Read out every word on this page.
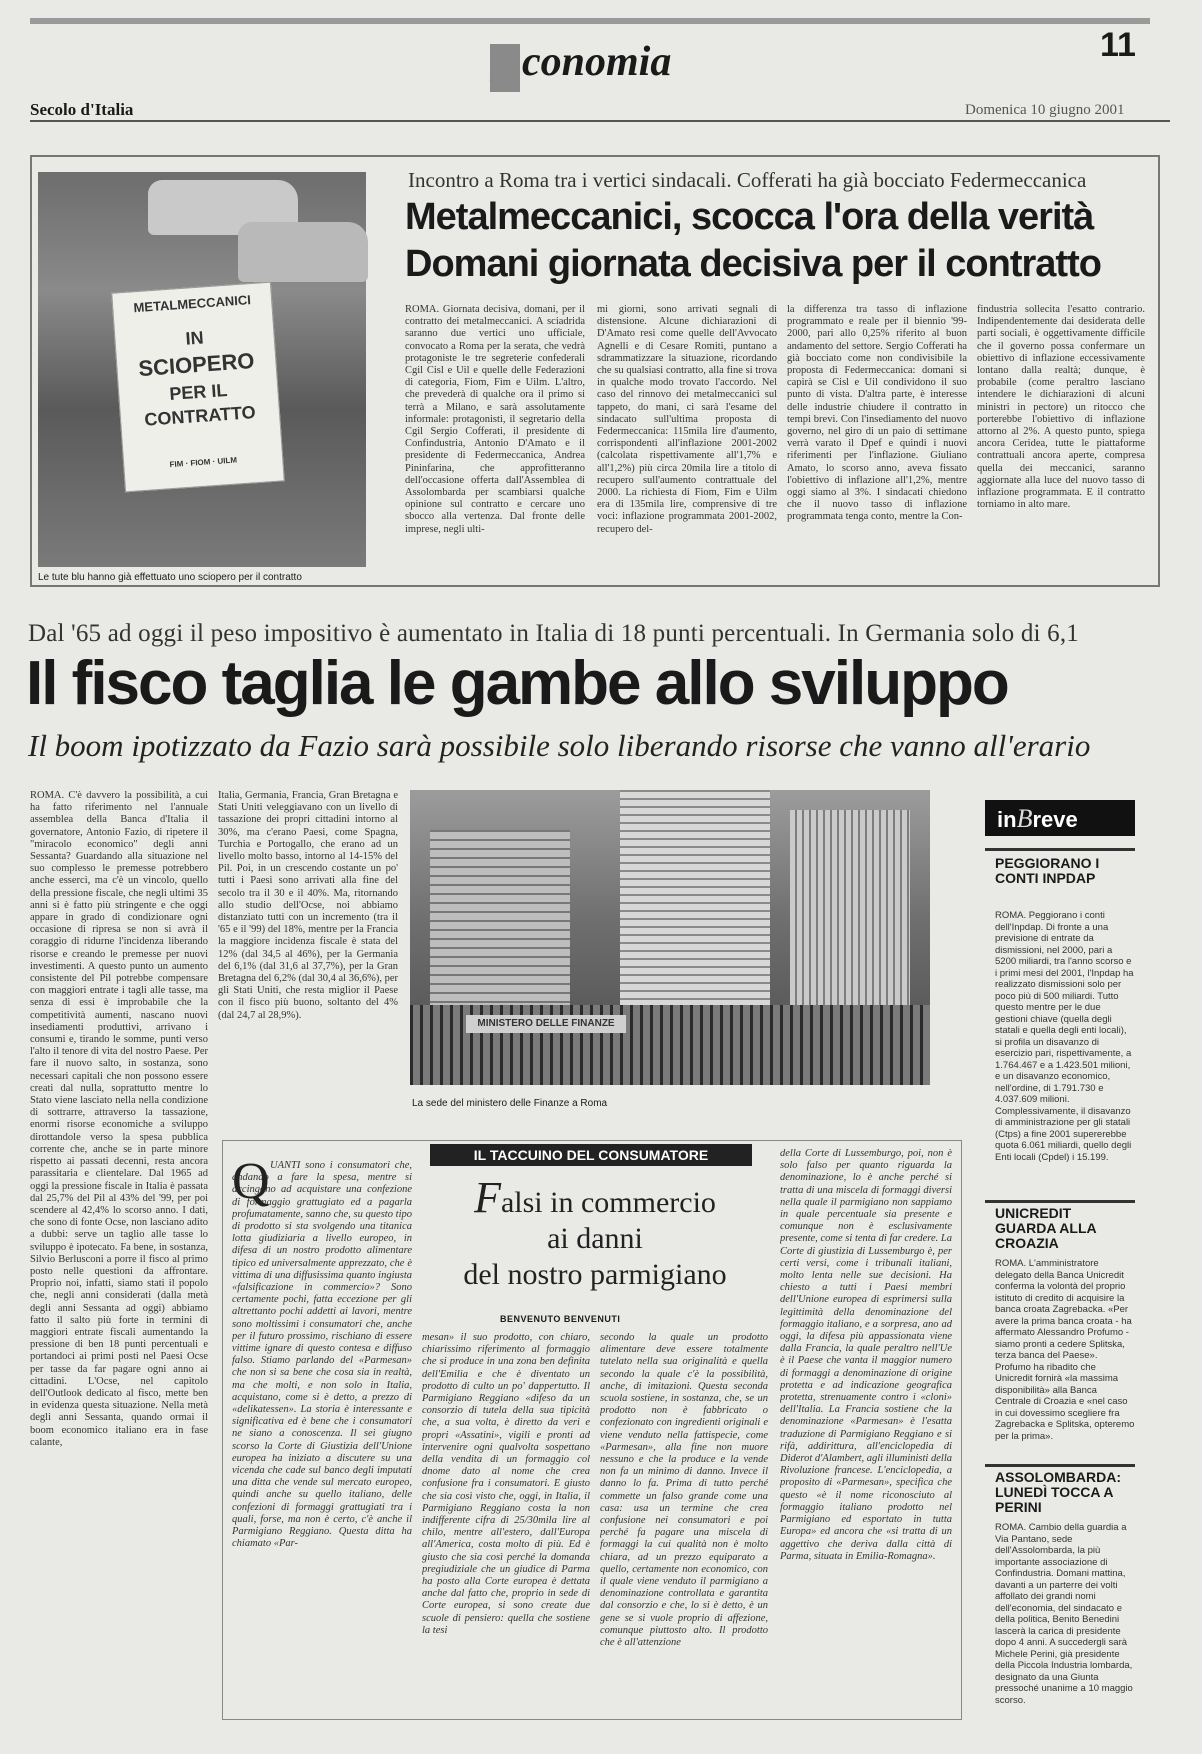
Economia	11
Secolo d'Italia	Domenica 10 giugno 2001
METALMECCANICI
IN
SCIOPERO
PER IL
CONTRATTO
FIM · FIOM · UILM
Le tute blu hanno già effettuato uno sciopero per il contratto
Incontro a Roma tra i vertici sindacali. Cofferati ha già bocciato Federmeccanica
Metalmeccanici, scocca l'ora della verità
Domani giornata decisiva per il contratto
ROMA. Giornata decisiva, domani, per il contratto dei metalmeccanici. A sciadrida saranno due vertici uno ufficiale, convocato a Roma per la serata, che vedrà protagoniste le tre segreterie confederali Cgil Cisl e Uil e quelle delle Federazioni di categoria, Fiom, Fim e Uilm. L'altro, che prevederà di qualche ora il primo si terrà a Milano, e sarà assolutamente informale: protagonisti, il segretario della Cgil Sergio Cofferati, il presidente di Confindustria, Antonio D'Amato e il presidente di Federmeccanica, Andrea Pininfarina, che approfitteranno dell'occasione offerta dall'Assemblea di Assolombarda per scambiarsi qualche opinione sul contratto e cercare uno sbocco alla vertenza. Dal fronte delle imprese, negli ulti-
mi giorni, sono arrivati segnali di distensione. Alcune dichiarazioni di D'Amato resi come quelle dell'Avvocato Agnelli e di Cesare Romiti, puntano a sdrammatizzare la situazione, ricordando che su qualsiasi contratto, alla fine si trova in qualche modo trovato l'accordo. Nel caso del rinnovo dei metalmeccanici sul tappeto, do mani, ci sarà l'esame del sindacato sull'ultima proposta di Federmeccanica: 115mila lire d'aumento, corrispondenti all'inflazione 2001-2002 (calcolata rispettivamente all'1,7% e all'1,2%) più circa 20mila lire a titolo di recupero sull'aumento contrattuale del 2000. La richiesta di Fiom, Fim e Uilm era di 135mila lire, comprensive di tre voci: inflazione programmata 2001-2002, recupero del-
la differenza tra tasso di inflazione programmato e reale per il biennio '99-2000, pari allo 0,25% riferito al buon andamento del settore. Sergio Cofferati ha già bocciato come non condivisibile la proposta di Federmeccanica: domani si capirà se Cisl e Uil condividono il suo punto di vista. D'altra parte, è interesse delle industrie chiudere il contratto in tempi brevi. Con l'insediamento del nuovo governo, nel giro di un paio di settimane verrà varato il Dpef e quindi i nuovi riferimenti per l'inflazione. Giuliano Amato, lo scorso anno, aveva fissato l'obiettivo di inflazione all'1,2%, mentre oggi siamo al 3%. I sindacati chiedono che il nuovo tasso di inflazione programmata tenga conto, mentre la Con-
findustria sollecita l'esatto contrario. Indipendentemente dai desiderata delle parti sociali, è oggettivamente difficile che il governo possa confermare un obiettivo di inflazione eccessivamente lontano dalla realtà; dunque, è probabile (come peraltro lasciano intendere le dichiarazioni di alcuni ministri in pectore) un ritocco che porterebbe l'obiettivo di inflazione attorno al 2%. A questo punto, spiega ancora Ceridea, tutte le piattaforme contrattuali ancora aperte, compresa quella dei meccanici, saranno aggiornate alla luce del nuovo tasso di inflazione programmata. E il contratto torniamo in alto mare.
Dal '65 ad oggi il peso impositivo è aumentato in Italia di 18 punti percentuali. In Germania solo di 6,1
Il fisco taglia le gambe allo sviluppo
Il boom ipotizzato da Fazio sarà possibile solo liberando risorse che vanno all'erario
ROMA. C'è davvero la possibilità, a cui ha fatto riferimento nel l'annuale assemblea della Banca d'Italia il governatore, Antonio Fazio, di ripetere il "miracolo economico" degli anni Sessanta? Guardando alla situazione nel suo complesso le premesse potrebbero anche esserci, ma c'è un vincolo, quello della pressione fiscale, che negli ultimi 35 anni si è fatto più stringente e che oggi appare in grado di condizionare ogni occasione di ripresa se non si avrà il coraggio di ridurne l'incidenza liberando risorse e creando le premesse per nuovi investimenti. A questo punto un aumento consistente del Pil potrebbe compensare con maggiori entrate i tagli alle tasse, ma senza di essi è improbabile che la competitività aumenti, nascano nuovi insediamenti produttivi, arrivano i consumi e, tirando le somme, punti verso l'alto il tenore di vita del nostro Paese. Per fare il nuovo salto, in sostanza, sono necessari capitali che non possono essere creati dal nulla, soprattutto mentre lo Stato viene lasciato nella nella condizione di sottrarre, attraverso la tassazione, enormi risorse economiche a sviluppo dirottandole verso la spesa pubblica corrente che, anche se in parte minore rispetto ai passati decenni, resta ancora parassitaria e clientelare. Dal 1965 ad oggi la pressione fiscale in Italia è passata dal 25,7% del Pil al 43% del '99, per poi scendere al 42,4% lo scorso anno. I dati, che sono di fonte Ocse, non lasciano adito a dubbi: serve un taglio alle tasse lo sviluppo è ipotecato. Fa bene, in sostanza, Silvio Berlusconi a porre il fisco al primo posto nelle questioni da affrontare. Proprio noi, infatti, siamo stati il popolo che, negli anni considerati (dalla metà degli anni Sessanta ad oggi) abbiamo fatto il salto più forte in termini di maggiori entrate fiscali aumentando la pressione di ben 18 punti percentuali e portandoci ai primi posti nel Paesi Ocse per tasse da far pagare ogni anno ai cittadini. L'Ocse, nel capitolo dell'Outlook dedicato al fisco, mette ben in evidenza questa situazione. Nella metà degli anni Sessanta, quando ormai il boom economico italiano era in fase calante,
Italia, Germania, Francia, Gran Bretagna e Stati Uniti veleggiavano con un livello di tassazione dei propri cittadini intorno al 30%, ma c'erano Paesi, come Spagna, Turchia e Portogallo, che erano ad un livello molto basso, intorno al 14-15% del Pil. Poi, in un crescendo costante un po' tutti i Paesi sono arrivati alla fine del secolo tra il 30 e il 40%. Ma, ritornando allo studio dell'Ocse, noi abbiamo distanziato tutti con un incremento (tra il '65 e il '99) del 18%, mentre per la Francia la maggiore incidenza fiscale è stata del 12% (dal 34,5 al 46%), per la Germania del 6,1% (dal 31,6 al 37,7%), per la Gran Bretagna del 6,2% (dal 30,4 al 36,6%), per gli Stati Uniti, che resta miglior il Paese con il fisco più buono, soltanto del 4% (dal 24,7 al 28,9%).
MINISTERO DELLE FINANZE
La sede del ministero delle Finanze a Roma
inBreve
PEGGIORANO I CONTI INPDAP
ROMA. Peggiorano i conti dell'Inpdap. Di fronte a una previsione di entrate da dismissioni, nel 2000, pari a 5200 miliardi, tra l'anno scorso e i primi mesi del 2001, l'Inpdap ha realizzato dismissioni solo per poco più di 500 miliardi. Tutto questo mentre per le due gestioni chiave (quella degli statali e quella degli enti locali), si profila un disavanzo di esercizio pari, rispettivamente, a 1.764.467 e a 1.423.501 milioni, e un disavanzo economico, nell'ordine, di 1.791.730 e 4.037.609 milioni. Complessivamente, il disavanzo di amministrazione per gli statali (Ctps) a fine 2001 supererebbe quota 6.061 miliardi, quello degli Enti locali (Cpdel) i 15.199.
UNICREDIT GUARDA ALLA CROAZIA
ROMA. L'amministratore delegato della Banca Unicredit conferma la volontà del proprio istituto di credito di acquisire la banca croata Zagrebacka. «Per avere la prima banca croata - ha affermato Alessandro Profumo - siamo pronti a cedere Splitska, terza banca del Paese». Profumo ha ribadito che Unicredit fornirà «la massima disponibilità» alla Banca Centrale di Croazia e «nel caso in cui dovessimo scegliere fra Zagrebacka e Splitska, opteremo per la prima».
ASSOLOMBARDA: LUNEDÌ TOCCA A PERINI
ROMA. Cambio della guardia a Via Pantano, sede dell'Assolombarda, la più importante associazione di Confindustria. Domani mattina, davanti a un parterre dei volti affollato dei grandi nomi dell'economia, del sindacato e della politica, Benito Benedini lascerà la carica di presidente dopo 4 anni. A succedergli sarà Michele Perini, già presidente della Piccola Industria lombarda, designato da una Giunta pressoché unanime a 10 maggio scorso.
IL TACCUINO DEL CONSUMATORE
Falsi in commercio
ai danni
del nostro parmigiano
BENVENUTO BENVENUTI
Q UANTI sono i consumatori che, andando a fare la spesa, mentre si accingono ad acquistare una confezione di formaggio grattugiato ed a pagarla profumatamente, sanno che, su questo tipo di prodotto si sta svolgendo una titanica lotta giudiziaria a livello europeo, in difesa di un nostro prodotto alimentare tipico ed universalmente apprezzato, che è vittima di una diffusissima quanto ingiusta «falsificazione in commercio»? Sono certamente pochi, fatta eccezione per gli altrettanto pochi addetti ai lavori, mentre sono moltissimi i consumatori che, anche per il futuro prossimo, rischiano di essere vittime ignare di questo contesa e diffuso falso. Stiamo parlando del «Parmesan» che non si sa bene che cosa sia in realtà, ma che molti, e non solo in Italia, acquistano, come si è detto, a prezzo di «delikatessen». La storia è interessante e significativa ed è bene che i consumatori ne siano a conoscenza. Il sei giugno scorso la Corte di Giustizia dell'Unione europea ha iniziato a discutere su una vicenda che cade sul banco degli imputati una ditta che vende sul mercato europeo, quindi anche su quello italiano, delle confezioni di formaggi grattugiati tra i quali, forse, ma non è certo, c'è anche il Parmigiano Reggiano. Questa ditta ha chiamato «Par-
mesan» il suo prodotto, con chiaro, chiarissimo riferimento al formaggio che si produce in una zona ben definita dell'Emilia e che è diventato un prodotto di culto un po' dappertutto. Il Parmigiano Reggiano «difeso da un consorzio di tutela della sua tipicità che, a sua volta, è diretto da veri e propri «Assatini», vigili e pronti ad intervenire ogni qualvolta sospettano della vendita di un formaggio col dnome dato al nome che crea confusione fra i consumatori. E giusto che sia così visto che, oggi, in Italia, il Parmigiano Reggiano costa la non indifferente cifra di 25/30mila lire al chilo, mentre all'estero, dall'Europa all'America, costa molto di più. Ed è giusto che sia così perché la domanda pregiudiziale che un giudice di Parma ha posto alla Corte europea è dettata anche dal fatto che, proprio in sede di Corte europea, si sono create due scuole di pensiero: quella che sostiene la tesi
secondo la quale un prodotto alimentare deve essere totalmente tutelato nella sua originalità e quella secondo la quale c'è la possibilità, anche, di imitazioni. Questa seconda scuola sostiene, in sostanza, che, se un prodotto non è fabbricato o confezionato con ingredienti originali e viene venduto nella fattispecie, come «Parmesan», alla fine non muore nessuno e che la produce e la vende non fa un minimo di danno. Invece il danno lo fa. Prima di tutto perché commette un falso grande come una casa: usa un termine che crea confusione nei consumatori e poi perché fa pagare una miscela di formaggi la cui qualità non è molto chiara, ad un prezzo equiparato a quello, certamente non economico, con il quale viene venduto il parmigiano a denominazione controllata e garantita dal consorzio e che, lo si è detto, è un gene se si vuole proprio di affezione, comunque piuttosto alto. Il prodotto che è all'attenzione
della Corte di Lussemburgo, poi, non è solo falso per quanto riguarda la denominazione, lo è anche perché si tratta di una miscela di formaggi diversi nella quale il parmigiano non sappiamo in quale percentuale sia presente e comunque non è esclusivamente presente, come si tenta di far credere. La Corte di giustizia di Lussemburgo è, per certi versi, come i tribunali italiani, molto lenta nelle sue decisioni. Ha chiesto a tutti i Paesi membri dell'Unione europea di esprimersi sulla legittimità della denominazione del formaggio italiano, e a sorpresa, ano ad oggi, la difesa più appassionata viene dalla Francia, la quale peraltro nell'Ue è il Paese che vanta il maggior numero di formaggi a denominazione di origine protetta e ad indicazione geografica protetta, strenuamente contro i «cloni» dell'Italia. La Francia sostiene che la denominazione «Parmesan» è l'esatta traduzione di Parmigiano Reggiano e si rifà, addirittura, all'enciclopedia di Diderot d'Alambert, agli illuministi della Rivoluzione francese. L'enciclopedia, a proposito di «Parmesan», specifica che questo «è il nome riconosciuto al formaggio italiano prodotto nel Parmigiano ed esportato in tutta Europa» ed ancora che «si tratta di un aggettivo che deriva dalla città di Parma, situata in Emilia-Romagna».
